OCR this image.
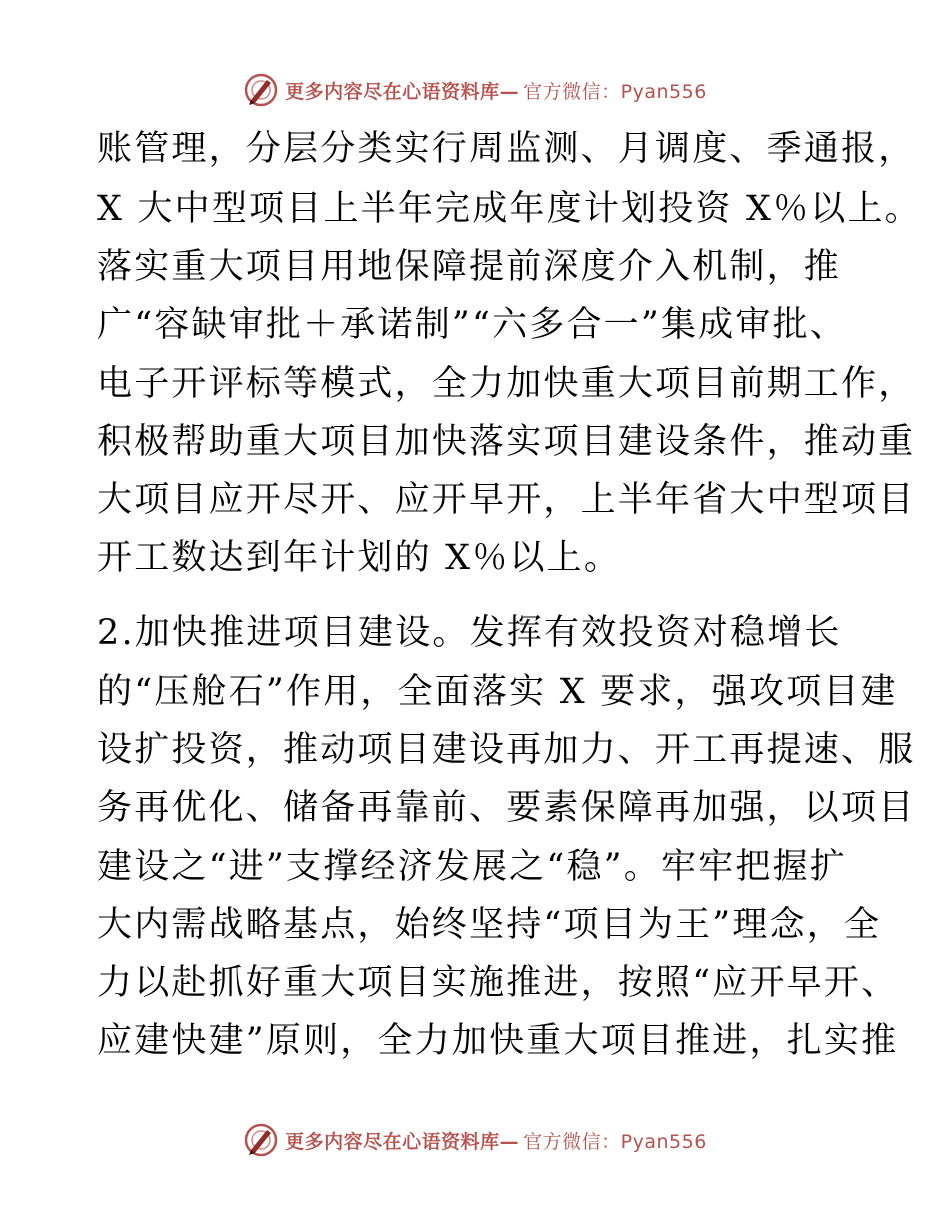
更多内容尽在心语资料库— 官方微信：Pyan556
账管理，分层分类实行周监测、月调度、季通报，
X 大中型项目上半年完成年度计划投资 X％以上。
落实重大项目用地保障提前深度介入机制，推
广“容缺审批＋承诺制”“六多合一”集成审批、
电子开评标等模式，全力加快重大项目前期工作，
积极帮助重大项目加快落实项目建设条件，推动重
大项目应开尽开、应开早开，上半年省大中型项目
开工数达到年计划的 X％以上。
2.加快推进项目建设。发挥有效投资对稳增长
的“压舱石”作用，全面落实 X 要求，强攻项目建
设扩投资，推动项目建设再加力、开工再提速、服
务再优化、储备再靠前、要素保障再加强，以项目
建设之“进”支撑经济发展之“稳”。牢牢把握扩
大内需战略基点，始终坚持“项目为王”理念，全
力以赴抓好重大项目实施推进，按照“应开早开、
应建快建”原则，全力加快重大项目推进，扎实推
更多内容尽在心语资料库— 官方微信：Pyan556
